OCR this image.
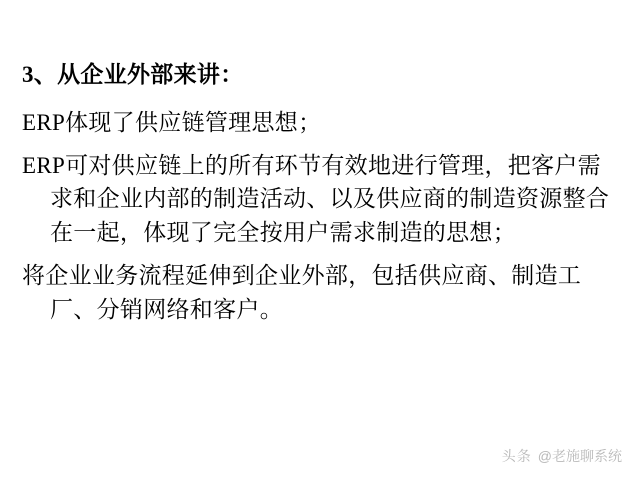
3、从企业外部来讲：

ERP体现了供应链管理思想；

ERP可对供应链上的所有环节有效地进行管理，把客户需求和企业内部的制造活动、以及供应商的制造资源整合在一起，体现了完全按用户需求制造的思想；

将企业业务流程延伸到企业外部，包括供应商、制造工厂、分销网络和客户。

头条 @老施聊系统
